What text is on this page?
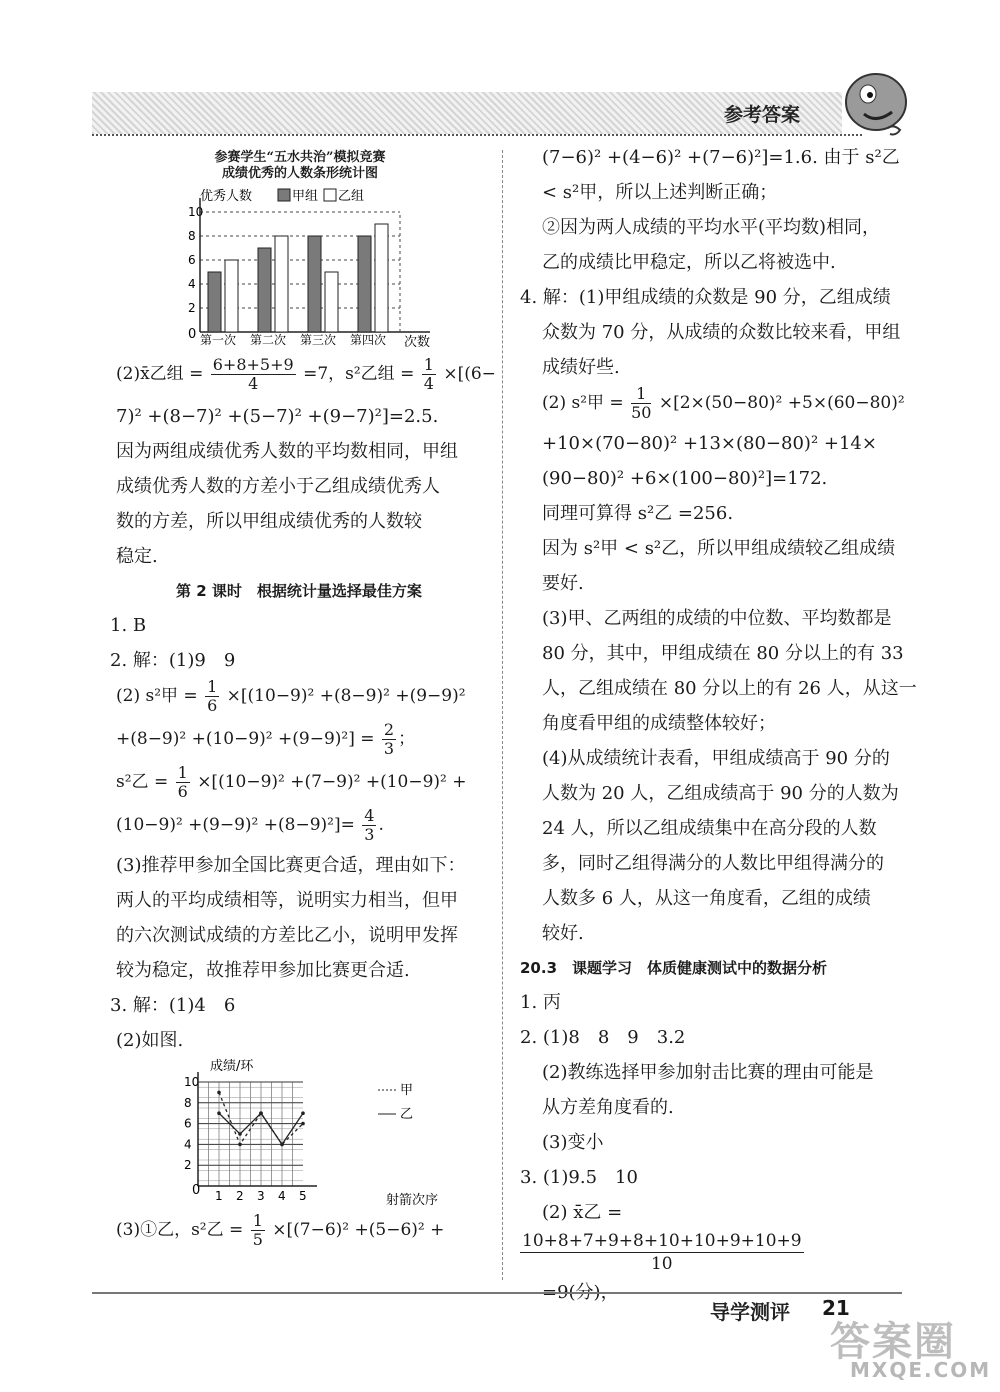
参考答案
参赛学生“五水共治”模拟竞赛
成绩优秀的人数条形统计图
优秀人数	甲组 乙组
2
4
6
8
10
第一次 第二次 第三次 第四次
0
次数
(2)x̄乙组 = $\frac{6+8+5+9}{4} =7$，s²乙组 = $\frac{1}{4} \times[(6-$
7)² +(8−7)² +(5−7)² +(9−7)²]=2.5.
因为两组成绩优秀人数的平均数相同，甲组
成绩优秀人数的方差小于乙组成绩优秀人
数的方差，所以甲组成绩优秀的人数较
稳定.
第 2 课时　根据统计量选择最佳方案
1. B
2. 解：(1)9　9
(2) s²甲 = $\frac{1}{6} \times[(10-9)^2 +(8-9)^2 +(9-9)^2$
$+(8-9)^2 +(10-9)^2 +(9-9)^2] = \frac{2}{3}$ ；
s²乙 = $\frac{1}{6} \times[(10-9)^2 +(7-9)^2 +(10-9)^2$ +
$(10-9)^2 +(9-9)^2 +(8-9)^2]= \frac{4}{3}$ .
(3)推荐甲参加全国比赛更合适，理由如下：
两人的平均成绩相等，说明实力相当，但甲
的六次测试成绩的方差比乙小，说明甲发挥
较为稳定，故推荐甲参加比赛更合适.
3. 解：(1)4　6
(2)如图.
成绩/环
2
4
6
8
10
1 2 3 4 5
甲
乙
0
射箭次序
(3)①乙，s²乙 = $\frac{1}{5} \times[(7-6)^2 +(5-6)^2$ +
(7−6)² +(4−6)² +(7−6)²]=1.6. 由于 s²乙
< s²甲，所以上述判断正确；
②因为两人成绩的平均水平(平均数)相同，
乙的成绩比甲稳定，所以乙将被选中.
4. 解：(1)甲组成绩的众数是 90 分，乙组成绩
众数为 70 分，从成绩的众数比较来看，甲组
成绩好些.
(2) s²甲 = $\frac{1}{50} \times[2\times(50-80)^2 +5\times(60-80)^2$
+10×(70−80)² +13×(80−80)² +14×
(90−80)² +6×(100−80)²]=172.
同理可算得 s²乙 =256.
因为 s²甲 < s²乙，所以甲组成绩较乙组成绩
要好.
(3)甲、乙两组的成绩的中位数、平均数都是
80 分，其中，甲组成绩在 80 分以上的有 33
人，乙组成绩在 80 分以上的有 26 人，从这一
角度看甲组的成绩整体较好；
(4)从成绩统计表看，甲组成绩高于 90 分的
人数为 20 人，乙组成绩高于 90 分的人数为
24 人，所以乙组成绩集中在高分段的人数
多，同时乙组得满分的人数比甲组得满分的
人数多 6 人，从这一角度看，乙组的成绩
较好.
20.3　课题学习　体质健康测试中的数据分析
1. 丙
2. (1)8　8　9　3.2
(2)教练选择甲参加射击比赛的理由可能是
从方差角度看的.
(3)变小
3. (1)9.5　10
(2) x̄乙 =
$\frac{10+8+7+9+8+10+10+9+10+9}{10}$
=9(分)，
导学测评 21
答案圈
MXQE.COM
